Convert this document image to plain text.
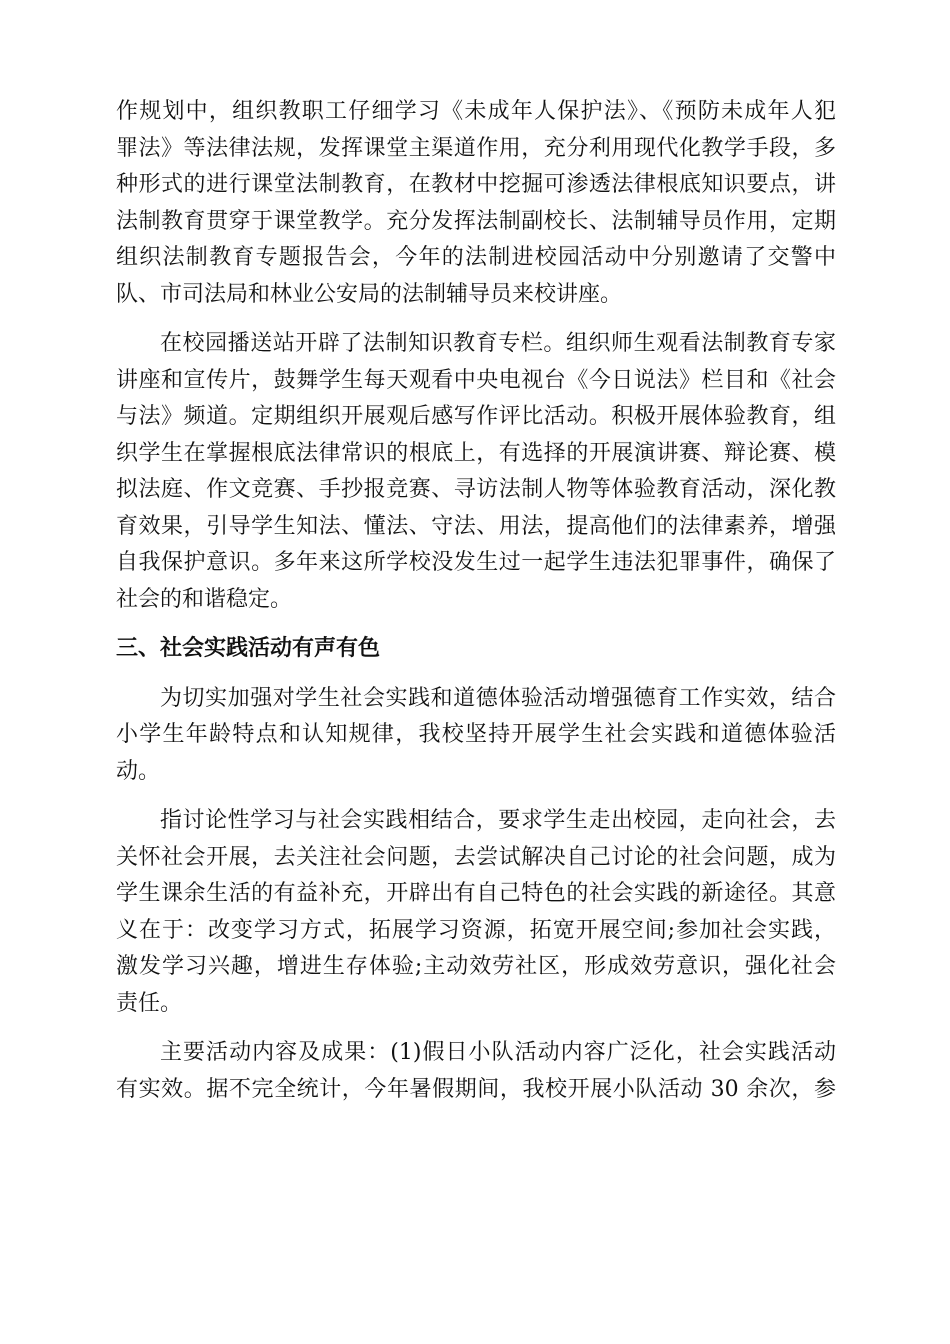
作规划中，组织教职工仔细学习《未成年人保护法》、《预防未成年人犯
罪法》等法律法规，发挥课堂主渠道作用，充分利用现代化教学手段，多
种形式的进行课堂法制教育，在教材中挖掘可渗透法律根底知识要点，讲
法制教育贯穿于课堂教学。充分发挥法制副校长、法制辅导员作用，定期
组织法制教育专题报告会，今年的法制进校园活动中分别邀请了交警中
队、市司法局和林业公安局的法制辅导员来校讲座。
在校园播送站开辟了法制知识教育专栏。组织师生观看法制教育专家
讲座和宣传片，鼓舞学生每天观看中央电视台《今日说法》栏目和《社会
与法》频道。定期组织开展观后感写作评比活动。积极开展体验教育，组
织学生在掌握根底法律常识的根底上，有选择的开展演讲赛、辩论赛、模
拟法庭、作文竞赛、手抄报竞赛、寻访法制人物等体验教育活动，深化教
育效果，引导学生知法、懂法、守法、用法，提高他们的法律素养，增强
自我保护意识。多年来这所学校没发生过一起学生违法犯罪事件，确保了
社会的和谐稳定。
三、社会实践活动有声有色
为切实加强对学生社会实践和道德体验活动增强德育工作实效，结合
小学生年龄特点和认知规律，我校坚持开展学生社会实践和道德体验活
动。
指讨论性学习与社会实践相结合，要求学生走出校园，走向社会，去
关怀社会开展，去关注社会问题，去尝试解决自己讨论的社会问题，成为
学生课余生活的有益补充，开辟出有自己特色的社会实践的新途径。其意
义在于：改变学习方式，拓展学习资源，拓宽开展空间;参加社会实践，
激发学习兴趣，增进生存体验;主动效劳社区，形成效劳意识，强化社会
责任。
主要活动内容及成果：(1)假日小队活动内容广泛化，社会实践活动
有实效。据不完全统计，今年暑假期间，我校开展小队活动 30 余次，参
